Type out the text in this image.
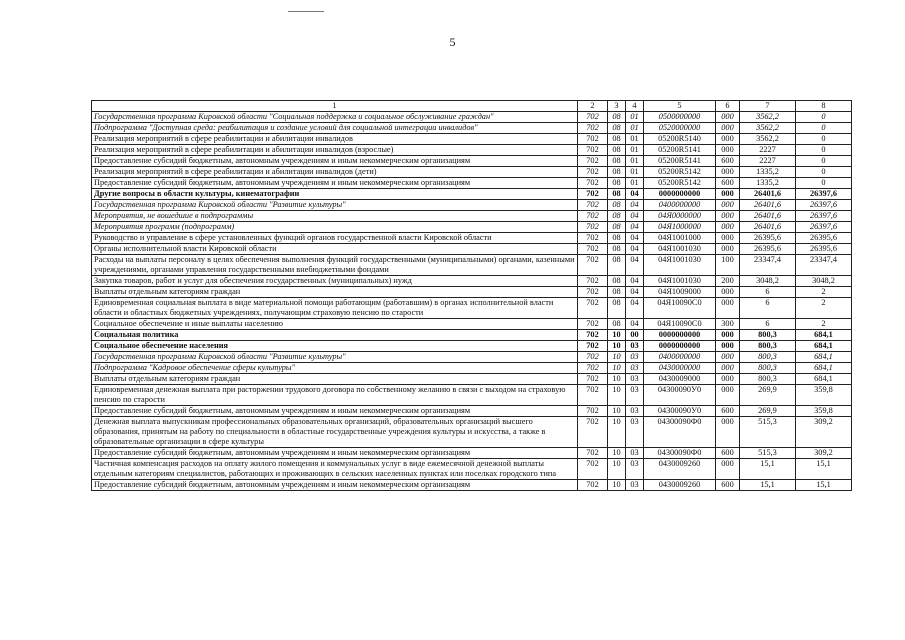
5
1	2	3	4	5	6	7	8
Государственная программа Кировской области "Социальная поддержка и социальное обслуживание граждан"	702	08	01	0500000000	000	3562,2	0
Подпрограмма "Доступная среда: реабилитация и создание условий для социальной интеграции инвалидов"	702	08	01	0520000000	000	3562,2	0
Реализация мероприятий в сфере реабилитации и абилитации инвалидов	702	08	01	05200R5140	000	3562,2	0
Реализация мероприятий в сфере реабилитации и абилитации инвалидов (взрослые)	702	08	01	05200R5141	000	2227	0
Предоставление субсидий бюджетным, автономным учреждениям и иным некоммерческим организациям	702	08	01	05200R5141	600	2227	0
Реализация мероприятий в сфере реабилитации и абилитации инвалидов (дети)	702	08	01	05200R5142	000	1335,2	0
Предоставление субсидий бюджетным, автономным учреждениям и иным некоммерческим организациям	702	08	01	05200R5142	600	1335,2	0
Другие вопросы в области культуры, кинематографии	702	08	04	0000000000	000	26401,6	26397,6
Государственная программа Кировской области "Развитие культуры"	702	08	04	0400000000	000	26401,6	26397,6
Мероприятия, не вошедшие в подпрограммы	702	08	04	04Я0000000	000	26401,6	26397,6
Мероприятия программ (подпрограмм)	702	08	04	04Я1000000	000	26401,6	26397,6
Руководство и управление в сфере установленных функций органов государственной власти Кировской области	702	08	04	04Я1001000	000	26395,6	26395,6
Органы исполнительной власти Кировской области	702	08	04	04Я1001030	000	26395,6	26395,6
Расходы на выплаты персоналу в целях обеспечения выполнения функций государственными (муниципальными) органами, казенными учреждениями, органами управления государственными внебюджетными фондами	702	08	04	04Я1001030	100	23347,4	23347,4
Закупка товаров, работ и услуг для обеспечения государственных (муниципальных) нужд	702	08	04	04Я1001030	200	3048,2	3048,2
Выплаты отдельным категориям граждан	702	08	04	04Я1009000	000	6	2
Единовременная социальная выплата в виде материальной помощи работающим (работавшим) в органах исполнительной власти области и областных бюджетных учреждениях, получающим страховую пенсию по старости	702	08	04	04Я10090С0	000	6	2
Социальное обеспечение и иные выплаты населению	702	08	04	04Я10090С0	300	6	2
Социальная политика	702	10	00	0000000000	000	800,3	684,1
Социальное обеспечение населения	702	10	03	0000000000	000	800,3	684,1
Государственная программа Кировской области "Развитие культуры"	702	10	03	0400000000	000	800,3	684,1
Подпрограмма "Кадровое обеспечение сферы культуры"	702	10	03	0430000000	000	800,3	684,1
Выплаты отдельным категориям граждан	702	10	03	0430009000	000	800,3	684,1
Единовременная денежная выплата при расторжении трудового договора по собственному желанию в связи с выходом на страховую пенсию по старости	702	10	03	04300090У0	000	269,9	359,8
Предоставление субсидий бюджетным, автономным учреждениям и иным некоммерческим организациям	702	10	03	04300090У0	600	269,9	359,8
Денежная выплата выпускникам профессиональных образовательных организаций, образовательных организаций высшего образования, принятым на работу по специальности в областные государственные учреждения культуры и искусства, а также в образовательные организации в сфере культуры	702	10	03	04300090Ф0	000	515,3	309,2
Предоставление субсидий бюджетным, автономным учреждениям и иным некоммерческим организациям	702	10	03	04300090Ф0	600	515,3	309,2
Частичная компенсация расходов на оплату жилого помещения и коммунальных услуг в виде ежемесячной денежной выплаты отдельным категориям специалистов, работающих и проживающих в сельских населенных пунктах или поселках городского типа	702	10	03	0430009260	000	15,1	15,1
Предоставление субсидий бюджетным, автономным учреждениям и иным некоммерческим организациям	702	10	03	0430009260	600	15,1	15,1
